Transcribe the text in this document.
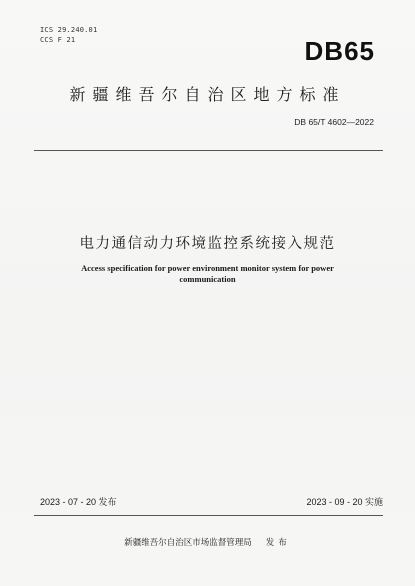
ICS 29.240.01
CCS F 21	DB65
新疆维吾尔自治区地方标准
DB 65/T 4602—2022
电力通信动力环境监控系统接入规范
Access specification for power environment monitor system for power
communication
2023 - 07 - 20 发布	2023 - 09 - 20 实施
新疆维吾尔自治区市场监督管理局 发布
